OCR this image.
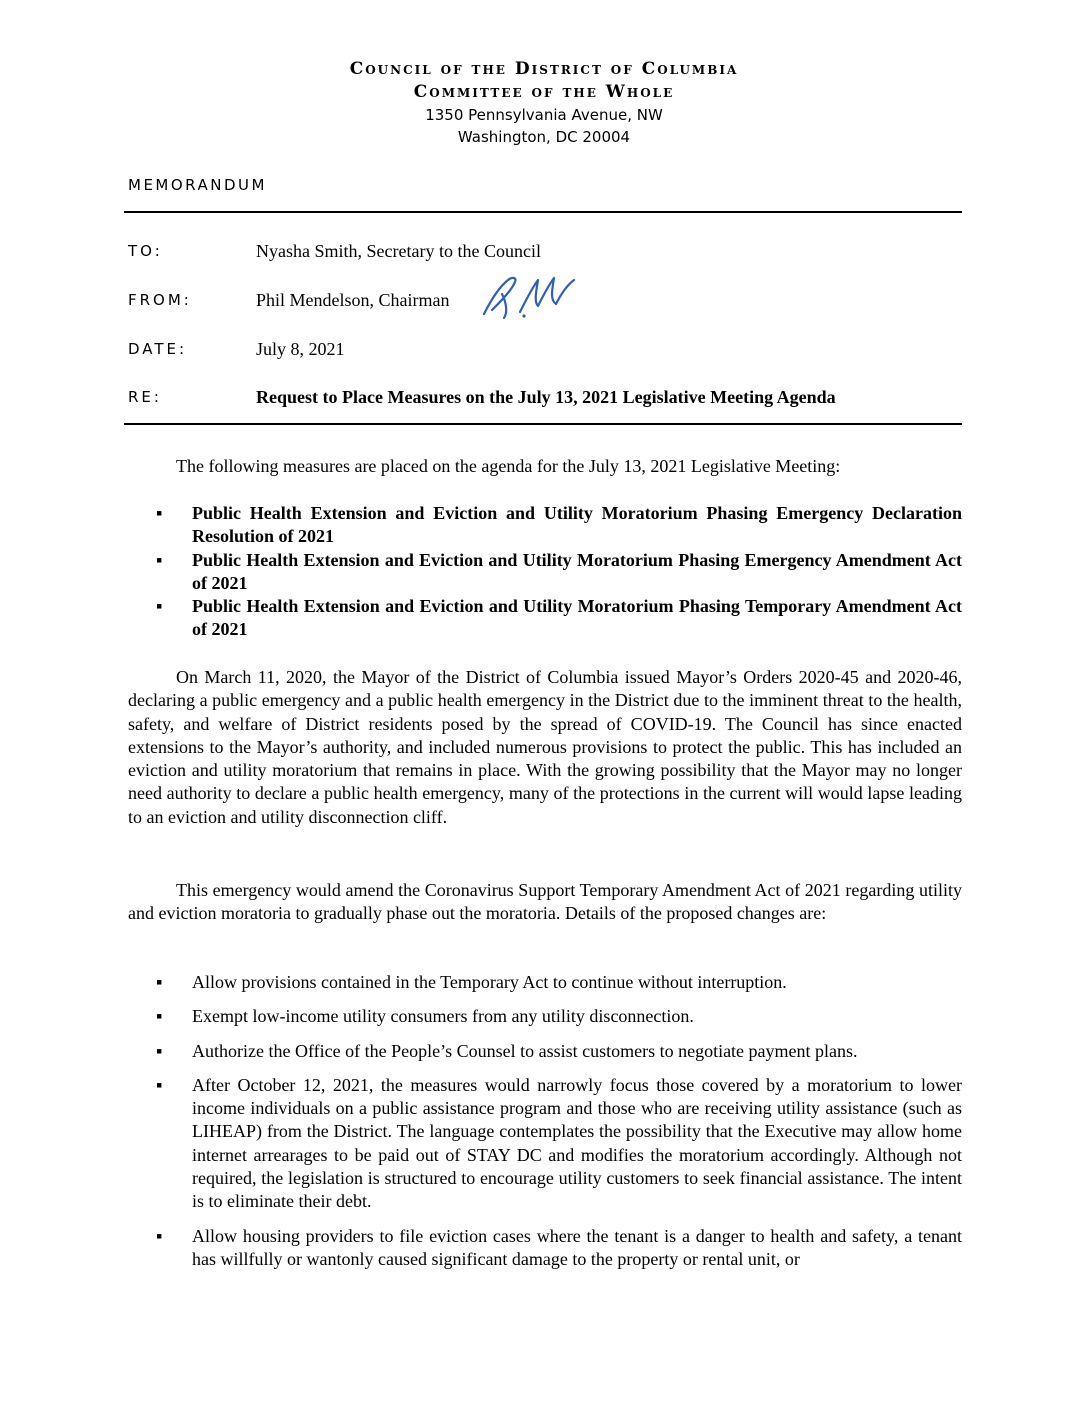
Council of the District of Columbia
Committee of the Whole
1350 Pennsylvania Avenue, NW
Washington, DC 20004
MEMORANDUM
TO:	Nyasha Smith, Secretary to the Council
FROM:	Phil Mendelson, Chairman
DATE:	July 8, 2021
RE:	Request to Place Measures on the July 13, 2021 Legislative Meeting Agenda

The following measures are placed on the agenda for the July 13, 2021 Legislative Meeting:

▪ Public Health Extension and Eviction and Utility Moratorium Phasing Emergency Declaration Resolution of 2021
▪ Public Health Extension and Eviction and Utility Moratorium Phasing Emergency Amendment Act of 2021
▪ Public Health Extension and Eviction and Utility Moratorium Phasing Temporary Amendment Act of 2021

On March 11, 2020, the Mayor of the District of Columbia issued Mayor’s Orders 2020-45 and 2020-46, declaring a public emergency and a public health emergency in the District due to the imminent threat to the health, safety, and welfare of District residents posed by the spread of COVID-19. The Council has since enacted extensions to the Mayor’s authority, and included numerous provisions to protect the public. This has included an eviction and utility moratorium that remains in place. With the growing possibility that the Mayor may no longer need authority to declare a public health emergency, many of the protections in the current will would lapse leading to an eviction and utility disconnection cliff.

This emergency would amend the Coronavirus Support Temporary Amendment Act of 2021 regarding utility and eviction moratoria to gradually phase out the moratoria. Details of the proposed changes are:

▪ Allow provisions contained in the Temporary Act to continue without interruption.
▪ Exempt low-income utility consumers from any utility disconnection.
▪ Authorize the Office of the People’s Counsel to assist customers to negotiate payment plans.
▪ After October 12, 2021, the measures would narrowly focus those covered by a moratorium to lower income individuals on a public assistance program and those who are receiving utility assistance (such as LIHEAP) from the District. The language contemplates the possibility that the Executive may allow home internet arrearages to be paid out of STAY DC and modifies the moratorium accordingly. Although not required, the legislation is structured to encourage utility customers to seek financial assistance. The intent is to eliminate their debt.
▪ Allow housing providers to file eviction cases where the tenant is a danger to health and safety, a tenant has willfully or wantonly caused significant damage to the property or rental unit, or
